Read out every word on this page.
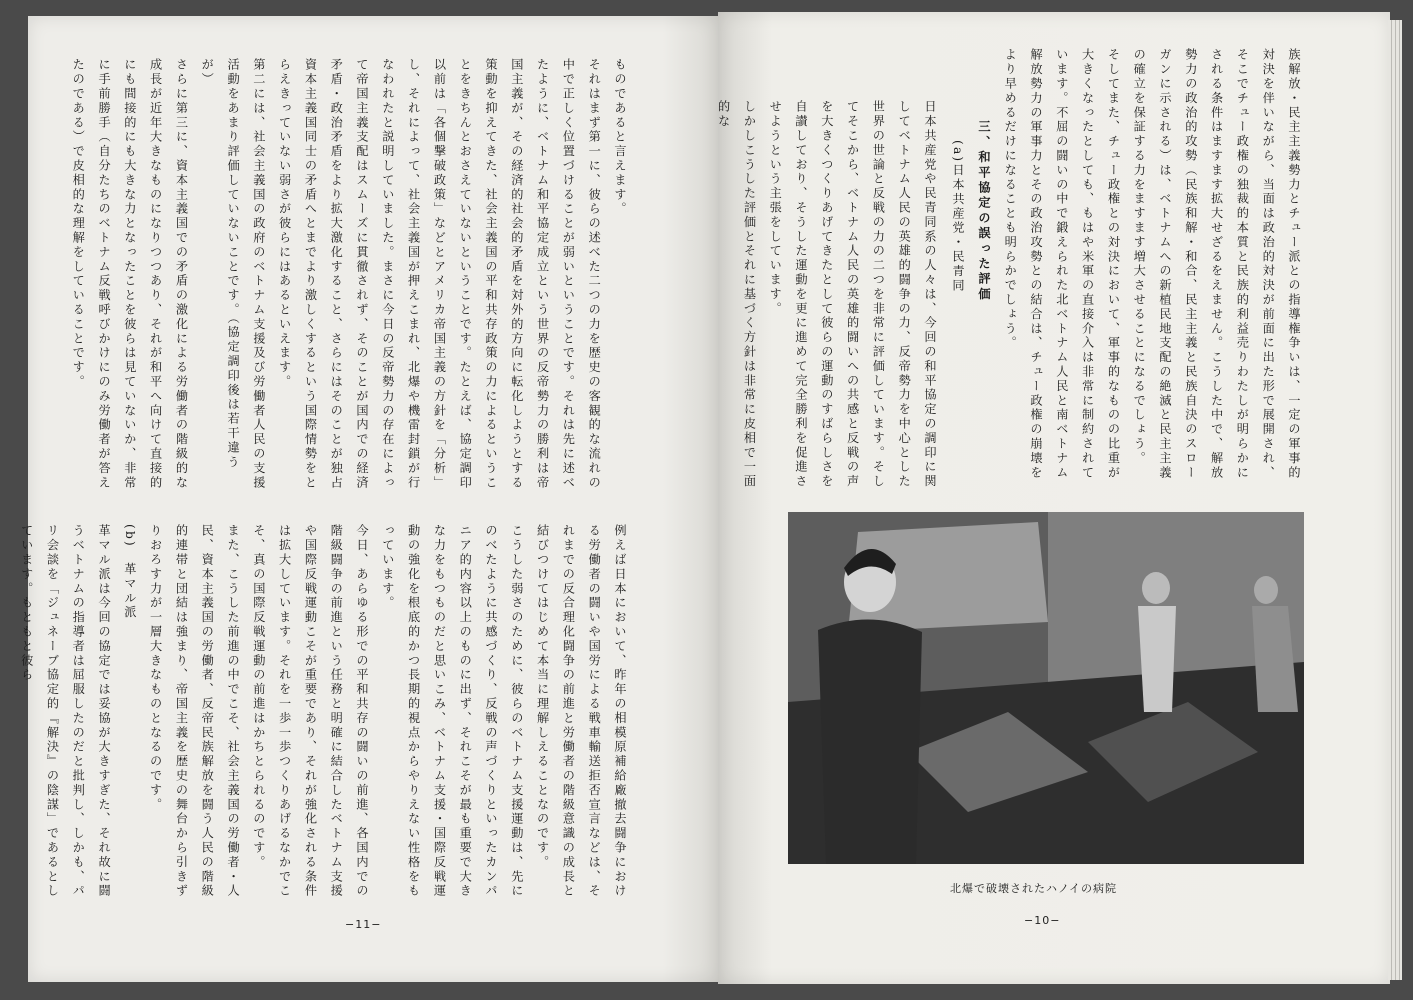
ものであると言えます。
それはまず第一に、彼らの述べた二つの力を歴史の客観的な流れの中で正しく位置づけることが弱いということです。それは先に述べたように、ベトナム和平協定成立という世界の反帝勢力の勝利は帝国主義が、その経済的社会的矛盾を対外的方向に転化しようとする策動を抑えてきた、社会主義国の平和共存政策の力によるということをきちんとおさえていないということです。たとえば、協定調印以前は「各個撃破政策」などとアメリカ帝国主義の方針を「分析」し、それによって、社会主義国が押えこまれ、北爆や機雷封鎖が行なわれたと説明していました。まさに今日の反帝勢力の存在によって帝国主義支配はスムーズに貫徹されず、そのことが国内での経済矛盾・政治矛盾をより拡大激化すること、さらにはそのことが独占資本主義国同士の矛盾へとまでより激しくするという国際情勢をとらえきっていない弱さが彼らにはあるといえます。
第二には、社会主義国の政府のベトナム支援及び労働者人民の支援活動をあまり評価していないことです。（協定調印後は若干違うが）
さらに第三に、資本主義国での矛盾の激化による労働者の階級的な成長が近年大きなものになりつつあり、それが和平へ向けて直接的にも間接的にも大きな力となったことを彼らは見ていないか、非常に手前勝手（自分たちのベトナム反戦呼びかけにのみ労働者が答えたのである）で皮相的な理解をしていることです。
例えば日本において、昨年の相模原補給廠撤去闘争における労働者の闘いや国労による戦車輸送拒否宣言などは、それまでの反合理化闘争の前進と労働者の階級意識の成長と結びつけてはじめて本当に理解しえることなのです。
こうした弱さのために、彼らのベトナム支援運動は、先にのべたように共感づくり、反戦の声づくりといったカンパニア的内容以上のものに出ず、それこそが最も重要で大きな力をもつものだと思いこみ、ベトナム支援・国際反戦運動の強化を根底的かつ長期的視点からやりえない性格をもっています。
今日、あらゆる形での平和共存の闘いの前進、各国内での階級闘争の前進という任務と明確に結合したベトナム支援や国際反戦運動こそが重要であり、それが強化される条件は拡大しています。それを一歩一歩つくりあげるなかでこそ、真の国際反戦運動の前進はかちとられるのです。
また、こうした前進の中でこそ、社会主義国の労働者・人民、資本主義国の労働者、反帝民族解放を闘う人民の階級的連帯と団結は強まり、帝国主義を歴史の舞台から引きずりおろす力が一層大きなものとなるのです。
(b)　革マル派
革マル派は今回の協定では妥協が大きすぎた、それ故に闘うベトナムの指導者は屈服したのだと批判し、しかも、パリ会談を「ジュネーブ協定的『解決』の陰謀」であるとしています。もともと彼ら
−11−
族解放・民主主義勢力とチュー派との指導権争いは、一定の軍事的対決を伴いながら、当面は政治的対決が前面に出た形で展開され、そこでチュー政権の独裁的本質と民族的利益売りわたしが明らかにされる条件はますます拡大せざるをえません。こうした中で、解放勢力の政治的攻勢（民族和解・和合、民主主義と民族自決のスローガンに示される）は、ベトナムへの新植民地支配の絶滅と民主主義の確立を保証する力をますます増大させることになるでしょう。
そしてまた、チュー政権との対決において、軍事的なものの比重が大きくなったとしても、もはや米軍の直接介入は非常に制約されています。不屈の闘いの中で鍛えられた北ベトナム人民と南ベトナム解放勢力の軍事力とその政治攻勢との結合は、チュー政権の崩壊をより早めるだけになることも明らかでしょう。
三、和平協定の誤った評価
(a)日本共産党・民青同
日本共産党や民青同系の人々は、今回の和平協定の調印に関してベトナム人民の英雄的闘争の力、反帝勢力を中心とした世界の世論と反戦の力の二つを非常に評価しています。そしてそこから、ベトナム人民の英雄的闘いへの共感と反戦の声を大きくつくりあげてきたとして彼らの運動のすばらしさを自讃しており、そうした運動を更に進めて完全勝利を促進させようという主張をしています。
しかしこうした評価とそれに基づく方針は非常に皮相で一面的な
北爆で破壊されたハノイの病院
−10−
